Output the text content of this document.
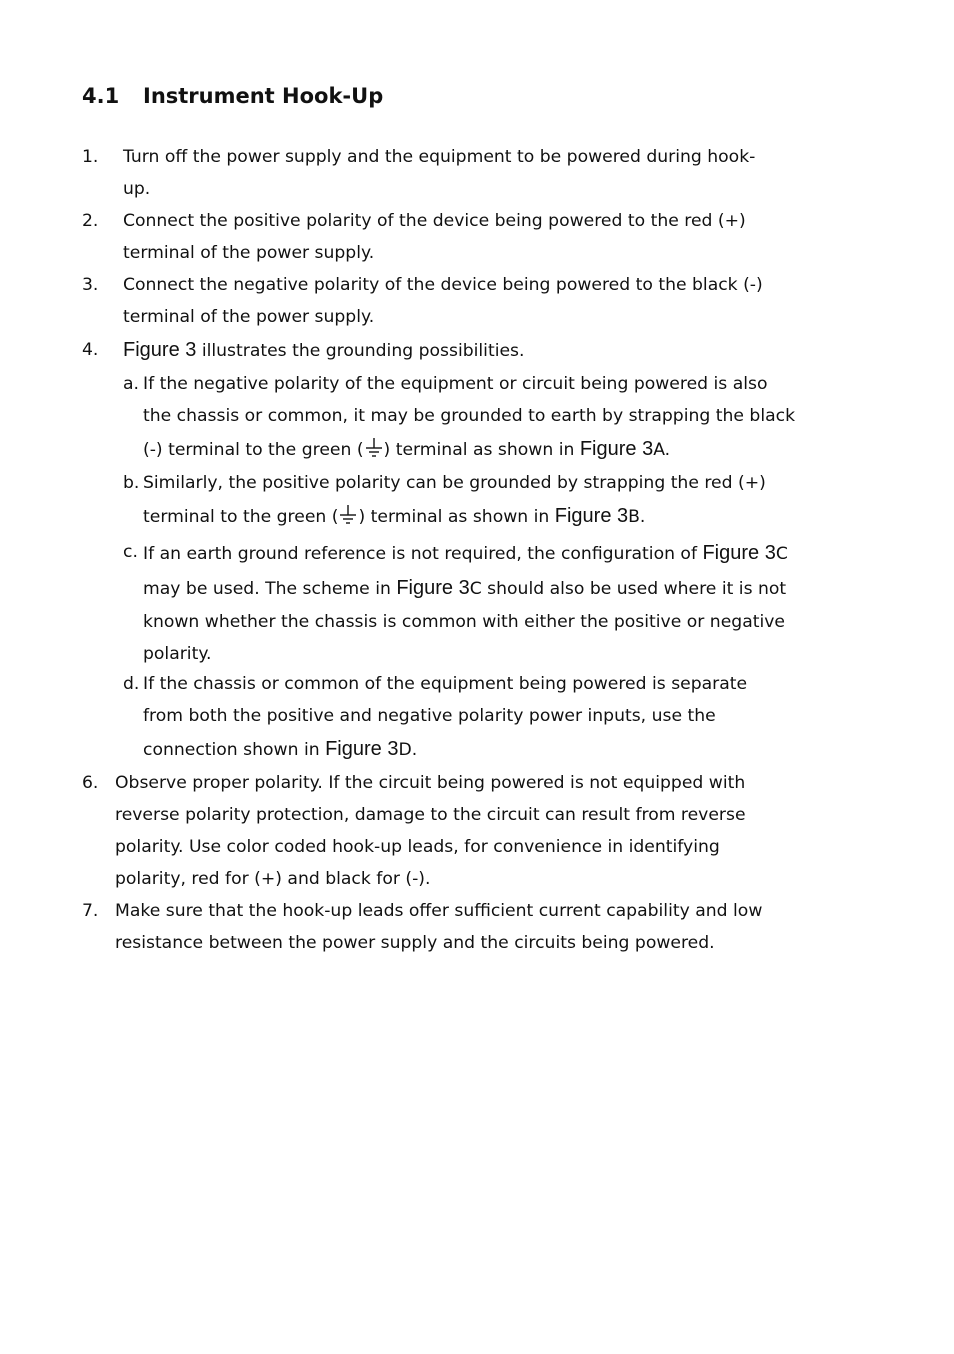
4.1 Instrument Hook-Up
1. Turn off the power supply and the equipment to be powered during hook-
up.
2. Connect the positive polarity of the device being powered to the red (+)
terminal of the power supply.
3. Connect the negative polarity of the device being powered to the black (-)
terminal of the power supply.
4. Figure 3 illustrates the grounding possibilities.
a. If the negative polarity of the equipment or circuit being powered is also
the chassis or common, it may be grounded to earth by strapping the black
(-) terminal to the green ( ) terminal as shown in Figure 3A.
b. Similarly, the positive polarity can be grounded by strapping the red (+)
terminal to the green ( ) terminal as shown in Figure 3B.
c. If an earth ground reference is not required, the configuration of Figure 3C
may be used. The scheme in Figure 3C should also be used where it is not
known whether the chassis is common with either the positive or negative
polarity.
d. If the chassis or common of the equipment being powered is separate
from both the positive and negative polarity power inputs, use the
connection shown in Figure 3D.
6. Observe proper polarity. If the circuit being powered is not equipped with
reverse polarity protection, damage to the circuit can result from reverse
polarity. Use color coded hook-up leads, for convenience in identifying
polarity, red for (+) and black for (-).
7. Make sure that the hook-up leads offer sufficient current capability and low
resistance between the power supply and the circuits being powered.
